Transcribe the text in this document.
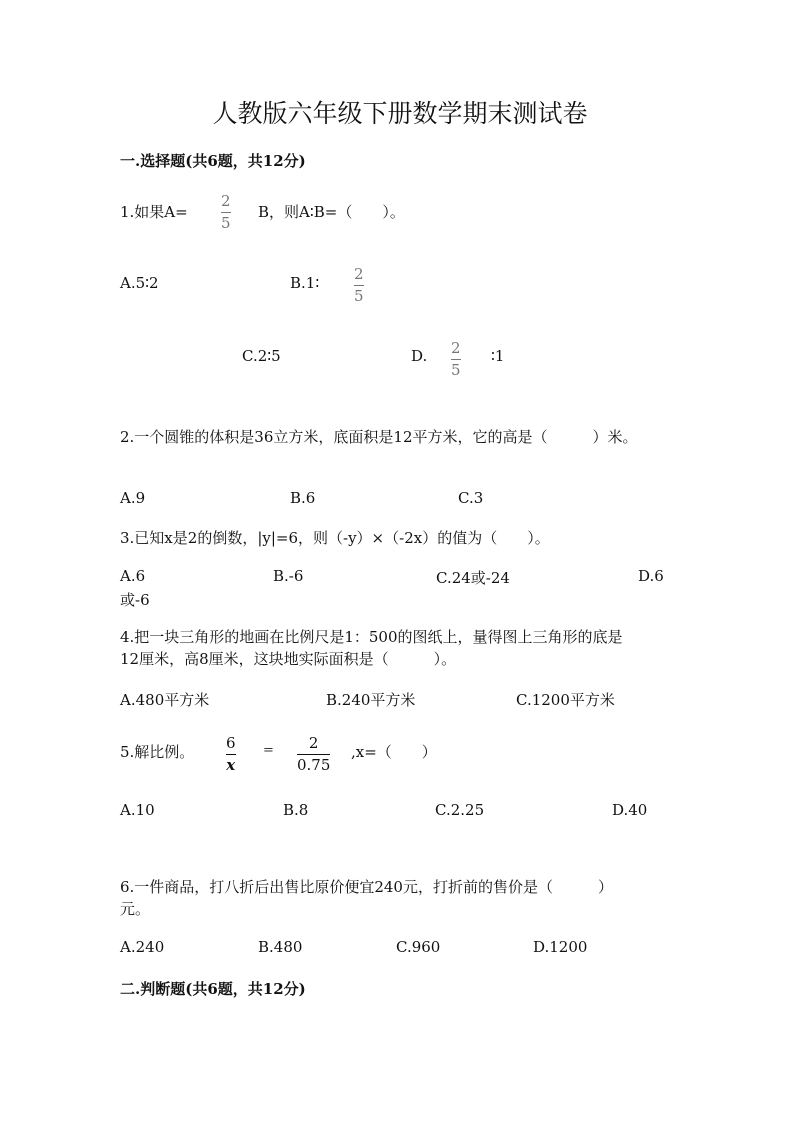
人教版六年级下册数学期末测试卷
一.选择题(共6题，共12分)
1.如果A=
2
5
B，则A∶B=（　　）。
A.5∶2	B.1∶ 2
5
C.2∶5	D. 2
5
∶1
2.一个圆锥的体积是36立方米，底面积是12平方米，它的高是（　　　）米。
A.9	B.6	C.3
3.已知x是2的倒数，|y|=6，则（-y）×（-2x）的值为（　　）。
A.6	B.-6	C.24或-24	D.6
或-6
4.把一块三角形的地画在比例尺是1：500的图纸上，量得图上三角形的底是
12厘米，高8厘米，这块地实际面积是（　　　）。
A.480平方米	B.240平方米	C.1200平方米
5.解比例。 6
x
= 2
0.75
,x=（　　）
A.10	B.8	C.2.25	D.40
6.一件商品，打八折后出售比原价便宜240元，打折前的售价是（　　　）
元。
A.240	B.480	C.960	D.1200
二.判断题(共6题，共12分)
